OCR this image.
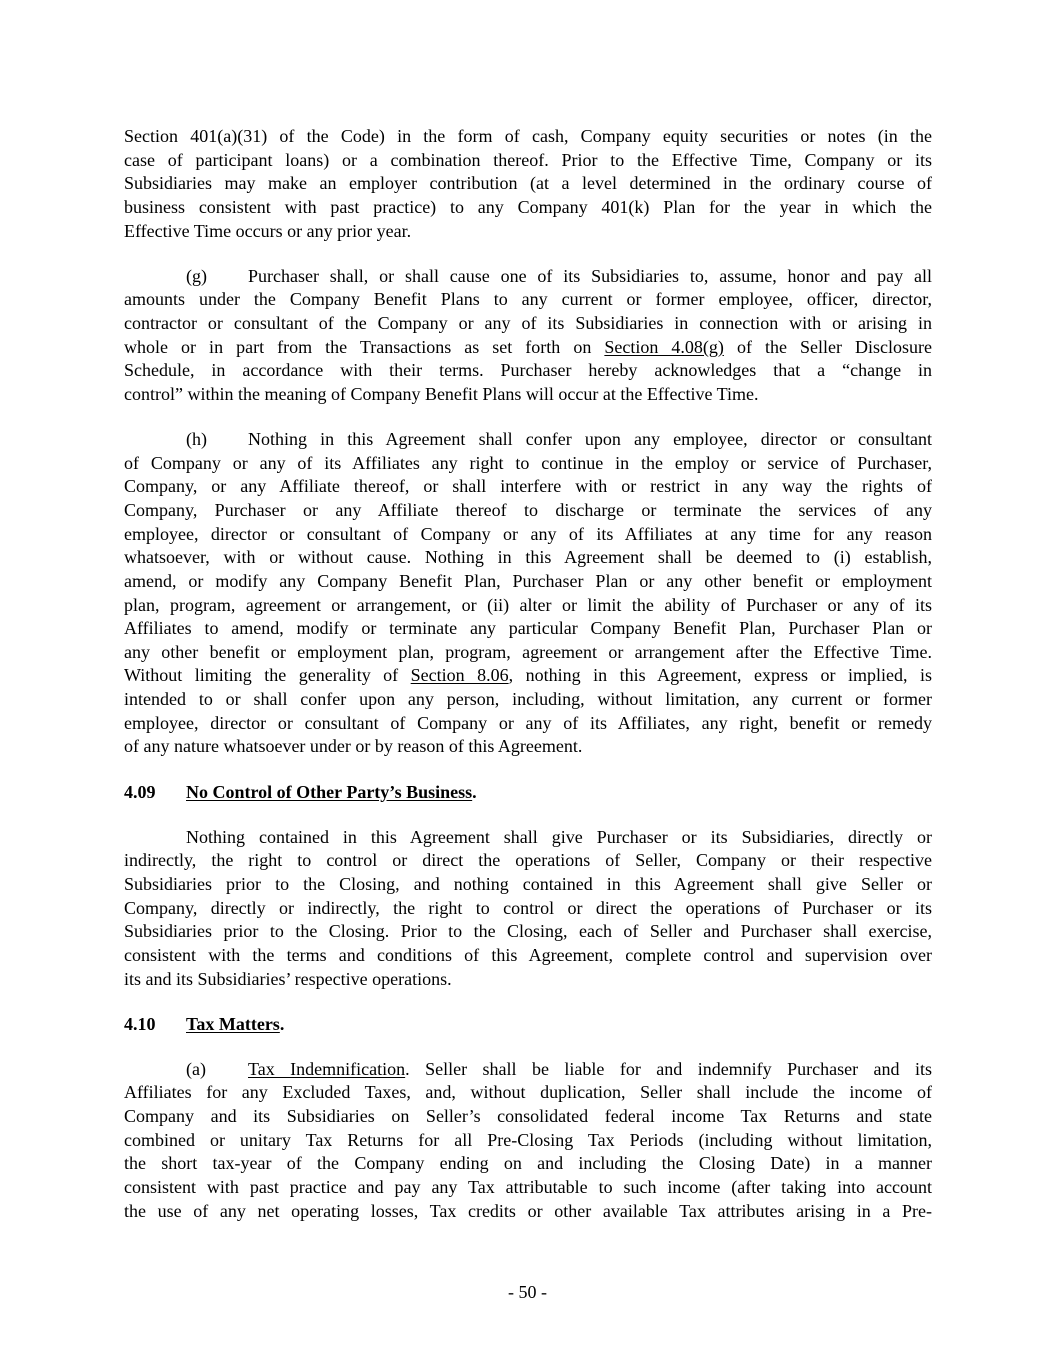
Section 401(a)(31) of the Code) in the form of cash, Company equity securities or notes (in the
case of participant loans) or a combination thereof. Prior to the Effective Time, Company or its
Subsidiaries may make an employer contribution (at a level determined in the ordinary course of
business consistent with past practice) to any Company 401(k) Plan for the year in which the
Effective Time occurs or any prior year.
(g) Purchaser shall, or shall cause one of its Subsidiaries to, assume, honor and pay all
amounts under the Company Benefit Plans to any current or former employee, officer, director,
contractor or consultant of the Company or any of its Subsidiaries in connection with or arising in
whole or in part from the Transactions as set forth on Section 4.08(g) of the Seller Disclosure
Schedule, in accordance with their terms. Purchaser hereby acknowledges that a “change in
control” within the meaning of Company Benefit Plans will occur at the Effective Time.
(h) Nothing in this Agreement shall confer upon any employee, director or consultant
of Company or any of its Affiliates any right to continue in the employ or service of Purchaser,
Company, or any Affiliate thereof, or shall interfere with or restrict in any way the rights of
Company, Purchaser or any Affiliate thereof to discharge or terminate the services of any
employee, director or consultant of Company or any of its Affiliates at any time for any reason
whatsoever, with or without cause. Nothing in this Agreement shall be deemed to (i) establish,
amend, or modify any Company Benefit Plan, Purchaser Plan or any other benefit or employment
plan, program, agreement or arrangement, or (ii) alter or limit the ability of Purchaser or any of its
Affiliates to amend, modify or terminate any particular Company Benefit Plan, Purchaser Plan or
any other benefit or employment plan, program, agreement or arrangement after the Effective Time.
Without limiting the generality of Section 8.06, nothing in this Agreement, express or implied, is
intended to or shall confer upon any person, including, without limitation, any current or former
employee, director or consultant of Company or any of its Affiliates, any right, benefit or remedy
of any nature whatsoever under or by reason of this Agreement.
4.09 No Control of Other Party’s Business.
Nothing contained in this Agreement shall give Purchaser or its Subsidiaries, directly or
indirectly, the right to control or direct the operations of Seller, Company or their respective
Subsidiaries prior to the Closing, and nothing contained in this Agreement shall give Seller or
Company, directly or indirectly, the right to control or direct the operations of Purchaser or its
Subsidiaries prior to the Closing. Prior to the Closing, each of Seller and Purchaser shall exercise,
consistent with the terms and conditions of this Agreement, complete control and supervision over
its and its Subsidiaries’ respective operations.
4.10 Tax Matters.
(a) Tax Indemnification. Seller shall be liable for and indemnify Purchaser and its
Affiliates for any Excluded Taxes, and, without duplication, Seller shall include the income of
Company and its Subsidiaries on Seller’s consolidated federal income Tax Returns and state
combined or unitary Tax Returns for all Pre-Closing Tax Periods (including without limitation,
the short tax-year of the Company ending on and including the Closing Date) in a manner
consistent with past practice and pay any Tax attributable to such income (after taking into account
the use of any net operating losses, Tax credits or other available Tax attributes arising in a Pre-
- 50 -
